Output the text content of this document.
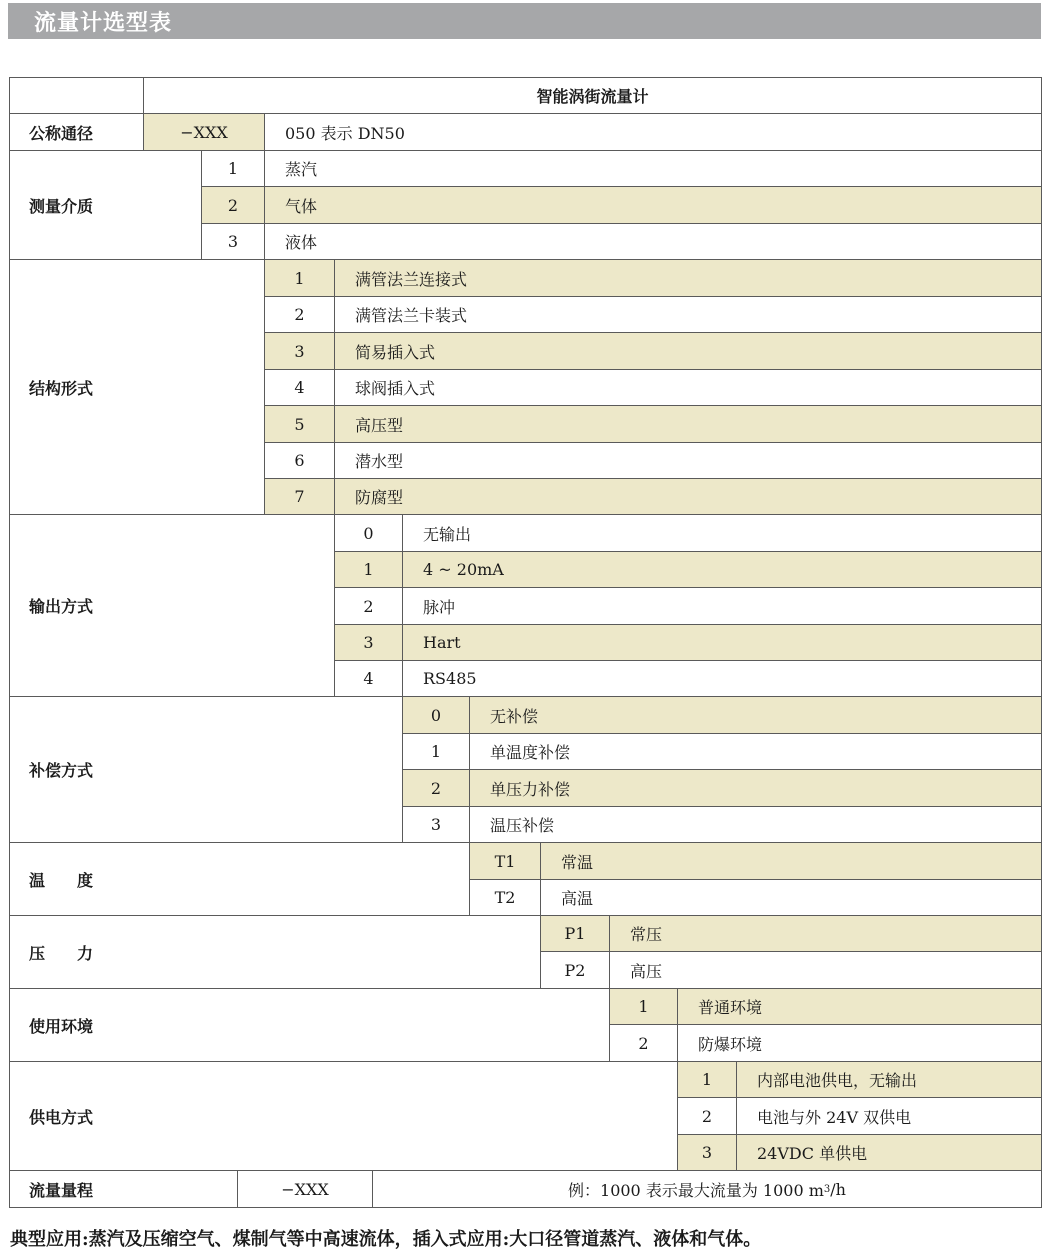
流量计选型表
智能涡街流量计
公称通径	−XXX	050 表示 DN50
测量介质
1	蒸汽
2	气体
3	液体
结构形式
1	满管法兰连接式
2	满管法兰卡装式
3	简易插入式
4	球阀插入式
5	高压型
6	潜水型
7	防腐型
输出方式
0	无输出
1	4 ~ 20mA
2	脉冲
3	Hart
4	RS485
补偿方式
0	无补偿
1	单温度补偿
2	单压力补偿
3	温压补偿
温　　度
T1	常温
T2	高温
压　　力
P1	常压
P2	高压
使用环境
1	普通环境
2	防爆环境
供电方式
1	内部电池供电，无输出
2	电池与外 24V 双供电
3	24VDC 单供电
流量量程	−XXX	例：1000 表示最大流量为 1000 m 3 /h
典型应用:蒸汽及压缩空气、煤制气等中高速流体，插入式应用:大口径管道蒸汽、液体和气体。
